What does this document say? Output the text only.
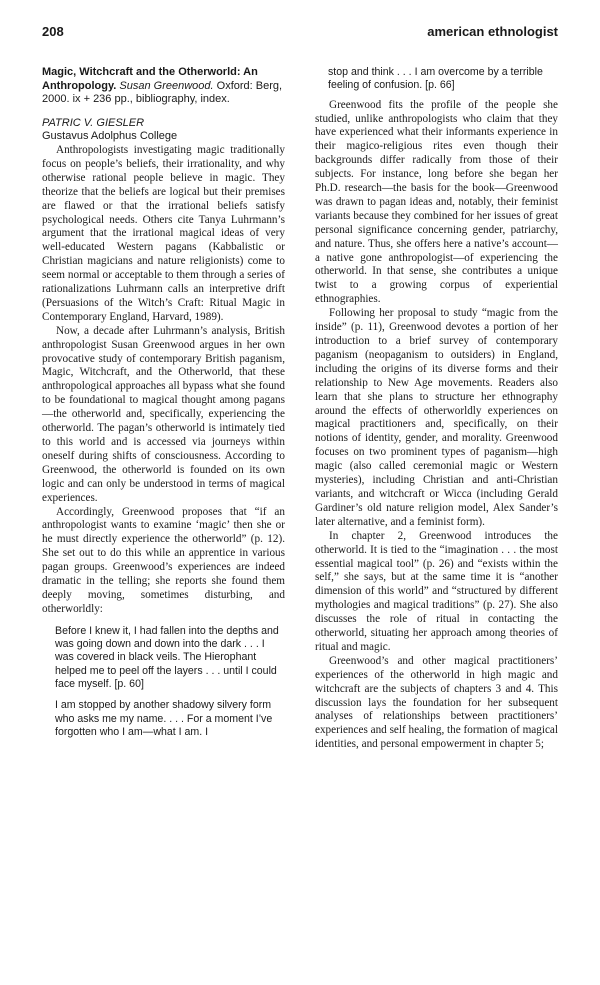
208	american ethnologist
Magic, Witchcraft and the Otherworld: An Anthropology. Susan Greenwood. Oxford: Berg, 2000. ix + 236 pp., bibliography, index.
PATRIC V. GIESLER
Gustavus Adolphus College

Anthropologists investigating magic traditionally focus on people’s beliefs, their irrationality, and why otherwise rational people believe in magic. They theorize that the beliefs are logical but their premises are flawed or that the irrational beliefs satisfy psychological needs. Others cite Tanya Luhrmann’s argument that the irrational magical ideas of very well-educated Western pagans (Kabbalistic or Christian magicians and nature religionists) come to seem normal or acceptable to them through a series of rationalizations Luhrmann calls an interpretive drift (Persuasions of the Witch’s Craft: Ritual Magic in Contemporary England, Harvard, 1989).

Now, a decade after Luhrmann’s analysis, British anthropologist Susan Greenwood argues in her own provocative study of contemporary British paganism, Magic, Witchcraft, and the Otherworld, that these anthropological approaches all bypass what she found to be foundational to magical thought among pagans—the otherworld and, specifically, experiencing the otherworld. The pagan’s otherworld is intimately tied to this world and is accessed via journeys within oneself during shifts of consciousness. According to Greenwood, the otherworld is founded on its own logic and can only be understood in terms of magical experiences.

Accordingly, Greenwood proposes that “if an anthropologist wants to examine ‘magic’ then she or he must directly experience the otherworld” (p. 12). She set out to do this while an apprentice in various pagan groups. Greenwood’s experiences are indeed dramatic in the telling; she reports she found them deeply moving, sometimes disturbing, and otherworldly:

Before I knew it, I had fallen into the depths and was going down and down into the dark . . . I was covered in black veils. The Hierophant helped me to peel off the layers . . . until I could face myself. [p. 60]
I am stopped by another shadowy silvery form who asks me my name. . . . For a moment I’ve forgotten who I am—what I am. I
stop and think . . . I am overcome by a terrible feeling of confusion. [p. 66]

Greenwood fits the profile of the people she studied, unlike anthropologists who claim that they have experienced what their informants experience in their magico-religious rites even though their backgrounds differ radically from those of their subjects. For instance, long before she began her Ph.D. research—the basis for the book—Greenwood was drawn to pagan ideas and, notably, their feminist variants because they combined for her issues of great personal significance concerning gender, patriarchy, and nature. Thus, she offers here a native’s account—a native gone anthropologist—of experiencing the otherworld. In that sense, she contributes a unique twist to a growing corpus of experiential ethnographies.

Following her proposal to study “magic from the inside” (p. 11), Greenwood devotes a portion of her introduction to a brief survey of contemporary paganism (neopaganism to outsiders) in England, including the origins of its diverse forms and their relationship to New Age movements. Readers also learn that she plans to structure her ethnography around the effects of otherworldly experiences on magical practitioners and, specifically, on their notions of identity, gender, and morality. Greenwood focuses on two prominent types of paganism—high magic (also called ceremonial magic or Western mysteries), including Christian and anti-Christian variants, and witchcraft or Wicca (including Gerald Gardiner’s old nature religion model, Alex Sander’s later alternative, and a feminist form).

In chapter 2, Greenwood introduces the otherworld. It is tied to the “imagination . . . the most essential magical tool” (p. 26) and “exists within the self,” she says, but at the same time it is “another dimension of this world” and “structured by different mythologies and magical traditions” (p. 27). She also discusses the role of ritual in contacting the otherworld, situating her approach among theories of ritual and magic.

Greenwood’s and other magical practitioners’ experiences of the otherworld in high magic and witchcraft are the subjects of chapters 3 and 4. This discussion lays the foundation for her subsequent analyses of relationships between practitioners’ experiences and self healing, the formation of magical identities, and personal empowerment in chapter 5;
